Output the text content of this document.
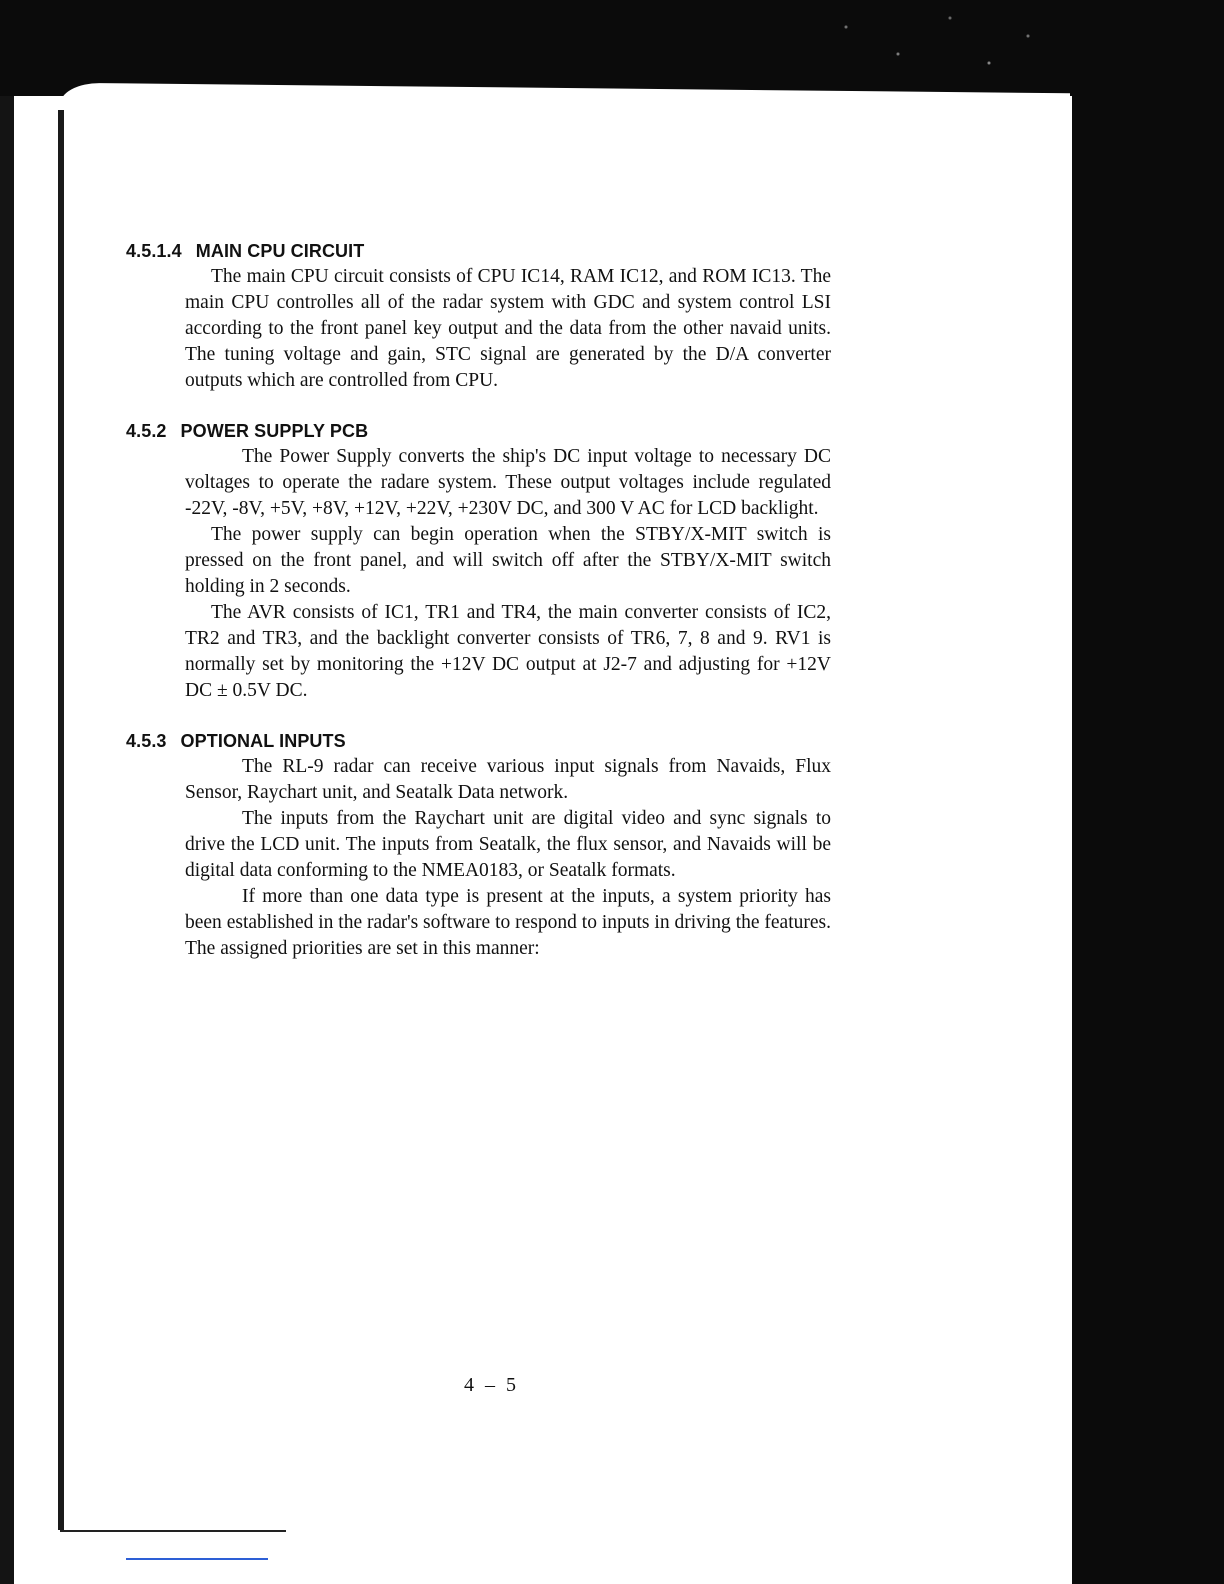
4.5.1.4 MAIN CPU CIRCUIT

The main CPU circuit consists of CPU IC14, RAM IC12, and ROM IC13. The main CPU controlles all of the radar system with GDC and system control LSI according to the front panel key output and the data from the other navaid units. The tuning voltage and gain, STC signal are generated by the D/A converter outputs which are controlled from CPU.

4.5.2 POWER SUPPLY PCB

The Power Supply converts the ship's DC input voltage to necessary DC voltages to operate the radare system. These output voltages include regulated -22V, -8V, +5V, +8V, +12V, +22V, +230V DC, and 300 V AC for LCD backlight.

The power supply can begin operation when the STBY/X-MIT switch is pressed on the front panel, and will switch off after the STBY/X-MIT switch holding in 2 seconds.

The AVR consists of IC1, TR1 and TR4, the main converter consists of IC2, TR2 and TR3, and the backlight converter consists of TR6, 7, 8 and 9. RV1 is normally set by monitoring the +12V DC output at J2-7 and adjusting for +12V DC ± 0.5V DC.

4.5.3 OPTIONAL INPUTS

The RL-9 radar can receive various input signals from Navaids, Flux Sensor, Raychart unit, and Seatalk Data network.

The inputs from the Raychart unit are digital video and sync signals to drive the LCD unit. The inputs from Seatalk, the flux sensor, and Navaids will be digital data conforming to the NMEA0183, or Seatalk formats.

If more than one data type is present at the inputs, a system priority has been established in the radar's software to respond to inputs in driving the features. The assigned priorities are set in this manner:

4 – 5
